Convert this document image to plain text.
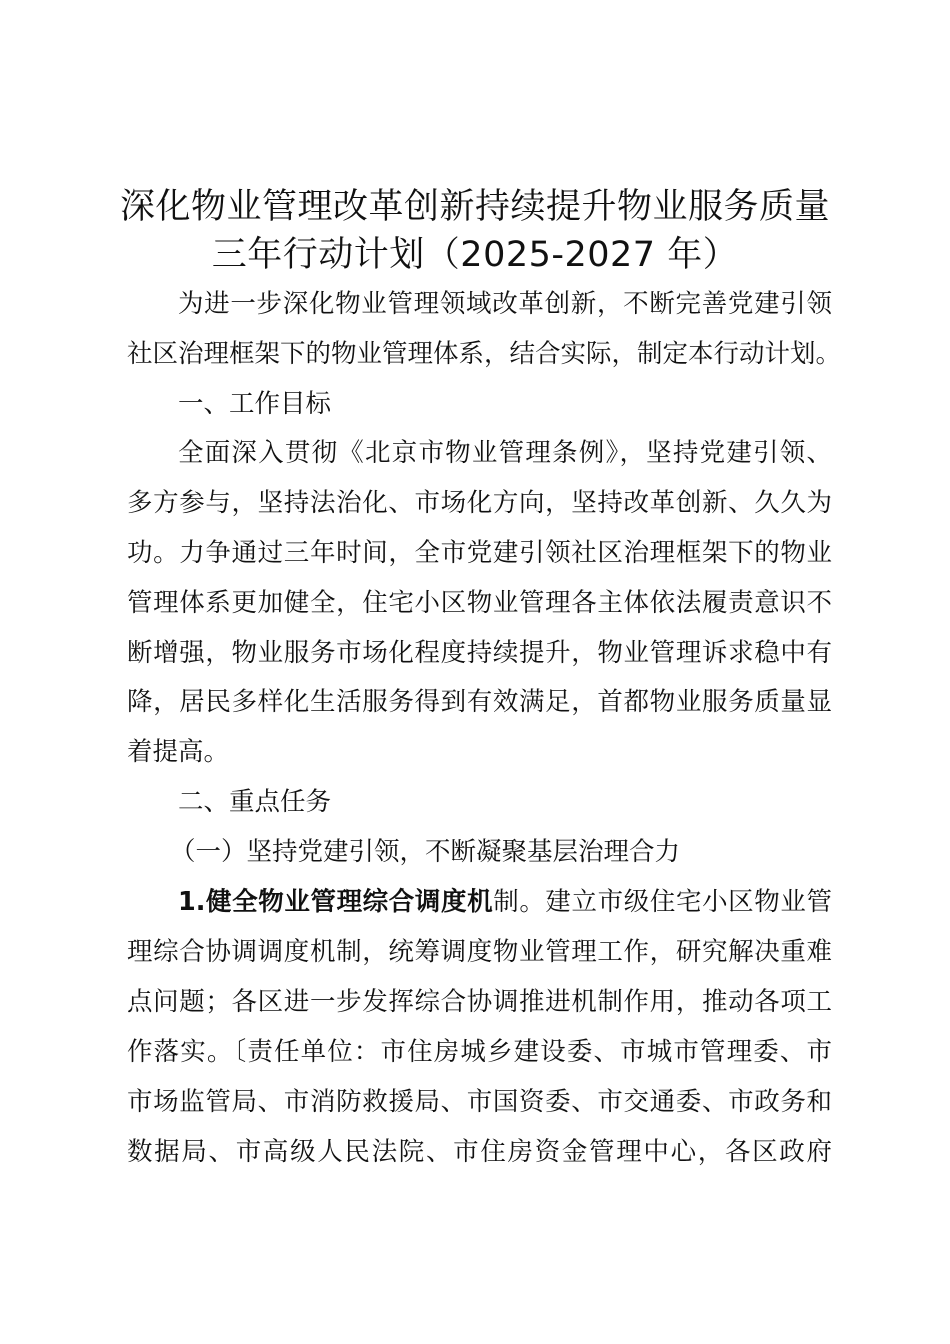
深化物业管理改革创新持续提升物业服务质量
三年行动计划（2025-2027 年）
为进一步深化物业管理领域改革创新，不断完善党建引领
社区治理框架下的物业管理体系，结合实际，制定本行动计划。
一、工作目标
全面深入贯彻《北京市物业管理条例》，坚持党建引领、
多方参与，坚持法治化、市场化方向，坚持改革创新、久久为
功。力争通过三年时间，全市党建引领社区治理框架下的物业
管理体系更加健全，住宅小区物业管理各主体依法履责意识不
断增强，物业服务市场化程度持续提升，物业管理诉求稳中有
降，居民多样化生活服务得到有效满足，首都物业服务质量显
着提高。
二、重点任务
（一）坚持党建引领，不断凝聚基层治理合力
1.健全物业管理综合调度机制。建立市级住宅小区物业管
理综合协调调度机制，统筹调度物业管理工作，研究解决重难
点问题；各区进一步发挥综合协调推进机制作用，推动各项工
作落实。〔责任单位：市住房城乡建设委、市城市管理委、市
市场监管局、市消防救援局、市国资委、市交通委、市政务和
数据局、市高级人民法院、市住房资金管理中心，各区政府
